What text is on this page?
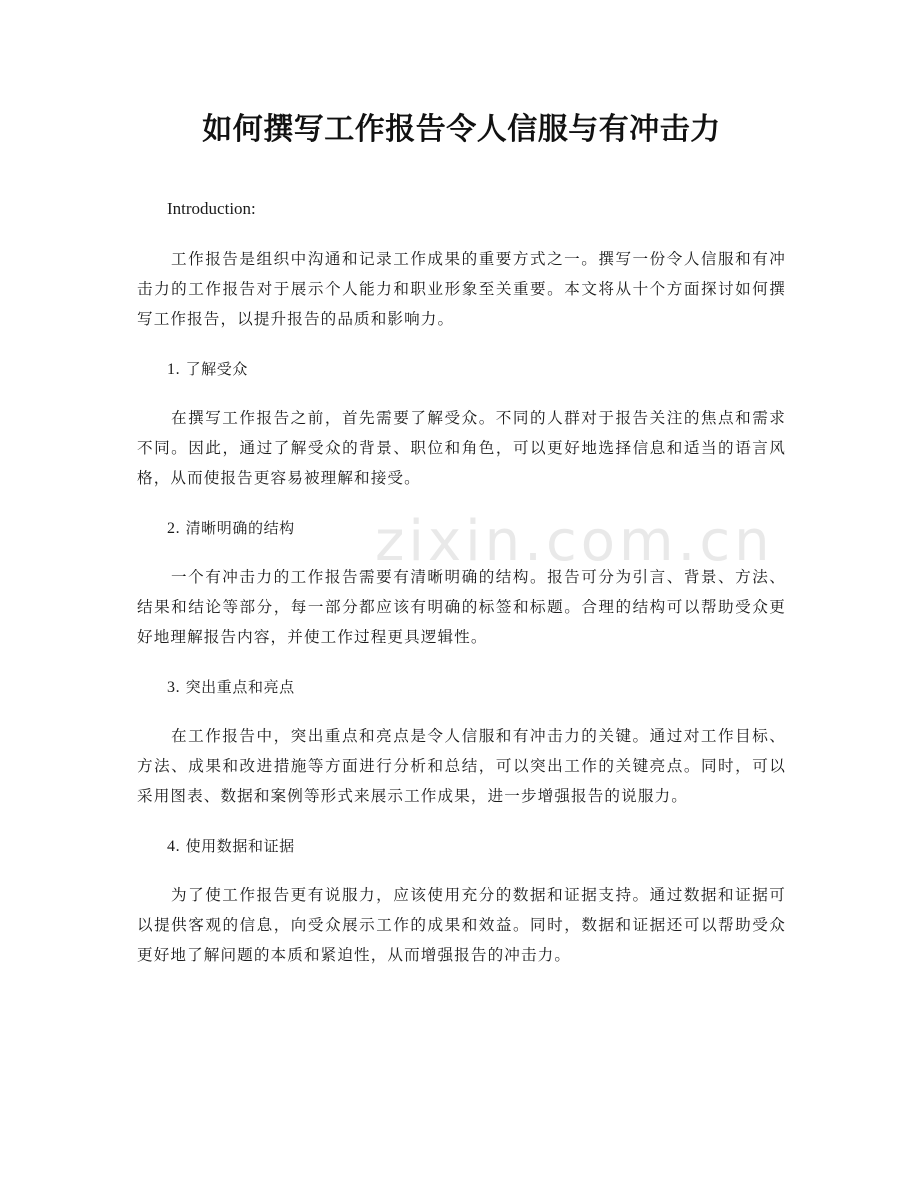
zixin.com.cn
如何撰写工作报告令人信服与有冲击力
Introduction:

工作报告是组织中沟通和记录工作成果的重要方式之一。撰写一份令人信服和有冲击力的工作报告对于展示个人能力和职业形象至关重要。本文将从十个方面探讨如何撰写工作报告，以提升报告的品质和影响力。

1. 了解受众

在撰写工作报告之前，首先需要了解受众。不同的人群对于报告关注的焦点和需求不同。因此，通过了解受众的背景、职位和角色，可以更好地选择信息和适当的语言风格，从而使报告更容易被理解和接受。

2. 清晰明确的结构

一个有冲击力的工作报告需要有清晰明确的结构。报告可分为引言、背景、方法、结果和结论等部分，每一部分都应该有明确的标签和标题。合理的结构可以帮助受众更好地理解报告内容，并使工作过程更具逻辑性。

3. 突出重点和亮点

在工作报告中，突出重点和亮点是令人信服和有冲击力的关键。通过对工作目标、方法、成果和改进措施等方面进行分析和总结，可以突出工作的关键亮点。同时，可以采用图表、数据和案例等形式来展示工作成果，进一步增强报告的说服力。

4. 使用数据和证据

为了使工作报告更有说服力，应该使用充分的数据和证据支持。通过数据和证据可以提供客观的信息，向受众展示工作的成果和效益。同时，数据和证据还可以帮助受众更好地了解问题的本质和紧迫性，从而增强报告的冲击力。
